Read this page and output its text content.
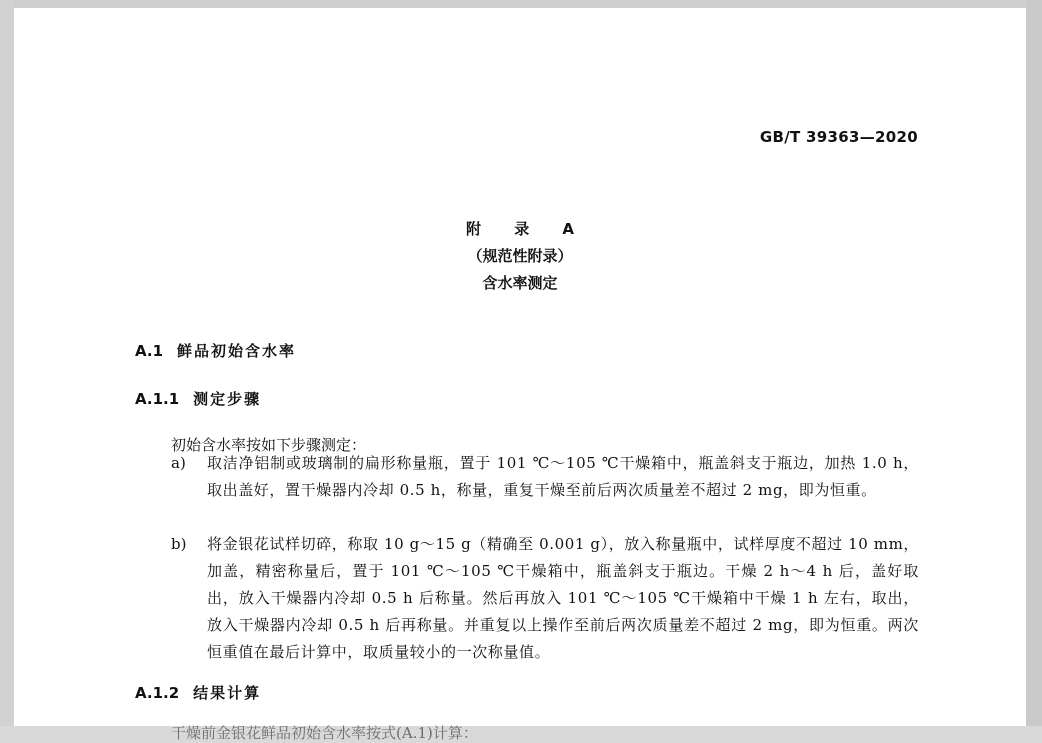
GB/T 39363—2020
附 录 A
（规范性附录）
含水率测定
A.1 鲜品初始含水率
A.1.1 测定步骤
初始含水率按如下步骤测定：
a) 取洁净铝制或玻璃制的扁形称量瓶，置于 101 ℃～105 ℃干燥箱中，瓶盖斜支于瓶边，加热 1.0 h，取出盖好，置干燥器内冷却 0.5 h，称量，重复干燥至前后两次质量差不超过 2 mg，即为恒重。
b) 将金银花试样切碎，称取 10 g～15 g（精确至 0.001 g），放入称量瓶中，试样厚度不超过 10 mm，加盖，精密称量后，置于 101 ℃～105 ℃干燥箱中，瓶盖斜支于瓶边。干燥 2 h～4 h 后，盖好取出，放入干燥器内冷却 0.5 h 后称量。然后再放入 101 ℃～105 ℃干燥箱中干燥 1 h 左右，取出，放入干燥器内冷却 0.5 h 后再称量。并重复以上操作至前后两次质量差不超过 2 mg，即为恒重。两次恒重值在最后计算中，取质量较小的一次称量值。
A.1.2 结果计算
干燥前金银花鲜品初始含水率按式(A.1)计算：
